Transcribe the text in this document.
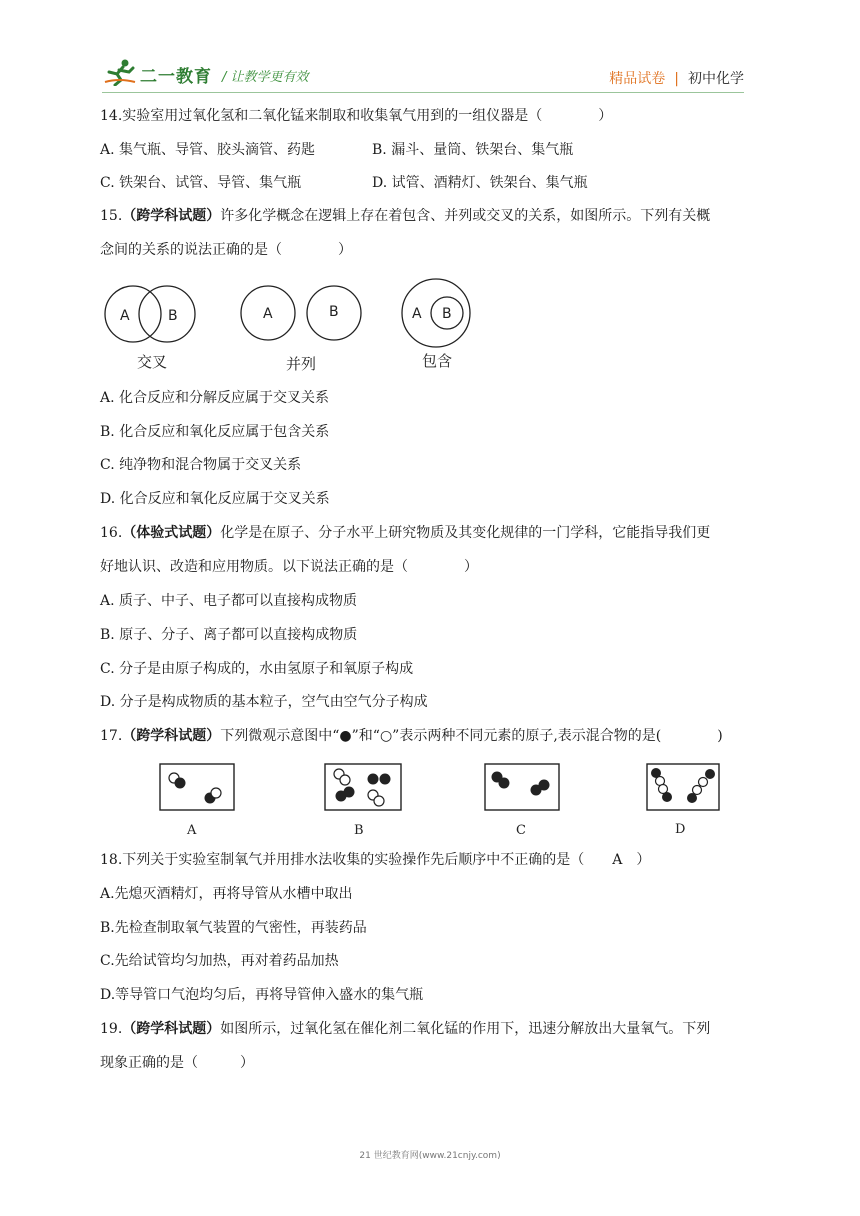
二一教育 / 让教学更有效	精品试卷 | 初中化学
14.实验室用过氧化氢和二氧化锰来制取和收集氧气用到的一组仪器是（　　　　）
A. 集气瓶、导管、胶头滴管、药匙	B. 漏斗、量筒、铁架台、集气瓶
C. 铁架台、试管、导管、集气瓶	D. 试管、酒精灯、铁架台、集气瓶
15.（跨学科试题）许多化学概念在逻辑上存在着包含、并列或交叉的关系，如图所示。下列有关概
念间的关系的说法正确的是（　　　　）
A	B
交叉
A	B
并列
A B
包含
A. 化合反应和分解反应属于交叉关系
B. 化合反应和氧化反应属于包含关系
C. 纯净物和混合物属于交叉关系
D. 化合反应和氧化反应属于交叉关系
16.（体验式试题）化学是在原子、分子水平上研究物质及其变化规律的一门学科，它能指导我们更
好地认识、改造和应用物质。以下说法正确的是（　　　　）
A. 质子、中子、电子都可以直接构成物质
B. 原子、分子、离子都可以直接构成物质
C. 分子是由原子构成的，水由氢原子和氧原子构成
D. 分子是构成物质的基本粒子，空气由空气分子构成
17.（跨学科试题）下列微观示意图中“●”和“○”表示两种不同元素的原子,表示混合物的是(　　　　)
A	B	C	D
18.下列关于实验室制氧气并用排水法收集的实验操作先后顺序中不正确的是（　　A　）
A.先熄灭酒精灯，再将导管从水槽中取出
B.先检查制取氧气装置的气密性，再装药品
C.先给试管均匀加热，再对着药品加热
D.等导管口气泡均匀后，再将导管伸入盛水的集气瓶
19.（跨学科试题）如图所示，过氧化氢在催化剂二氧化锰的作用下，迅速分解放出大量氧气。下列
现象正确的是（　　　）
21 世纪教育网(www.21cnjy.com)
